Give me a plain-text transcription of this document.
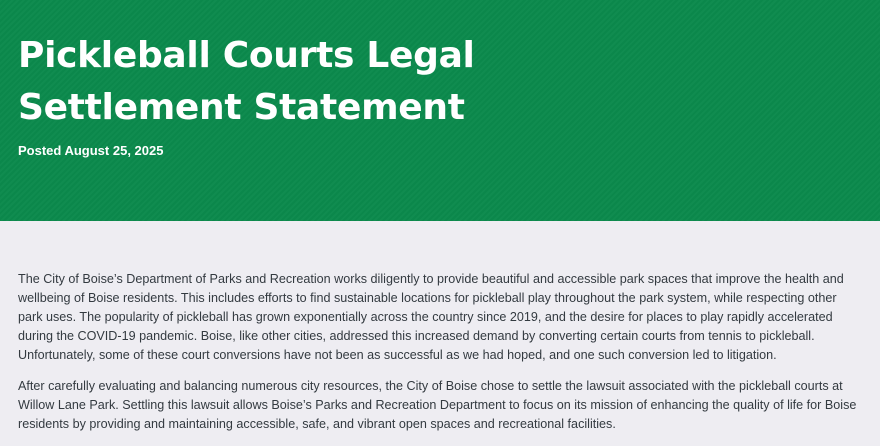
Pickleball Courts Legal Settlement Statement

Posted August 25, 2025

The City of Boise’s Department of Parks and Recreation works diligently to provide beautiful and accessible park spaces that improve the health and wellbeing of Boise residents. This includes efforts to find sustainable locations for pickleball play throughout the park system, while respecting other park uses. The popularity of pickleball has grown exponentially across the country since 2019, and the desire for places to play rapidly accelerated during the COVID-19 pandemic. Boise, like other cities, addressed this increased demand by converting certain courts from tennis to pickleball. Unfortunately, some of these court conversions have not been as successful as we had hoped, and one such conversion led to litigation.

After carefully evaluating and balancing numerous city resources, the City of Boise chose to settle the lawsuit associated with the pickleball courts at Willow Lane Park. Settling this lawsuit allows Boise’s Parks and Recreation Department to focus on its mission of enhancing the quality of life for Boise residents by providing and maintaining accessible, safe, and vibrant open spaces and recreational facilities.
